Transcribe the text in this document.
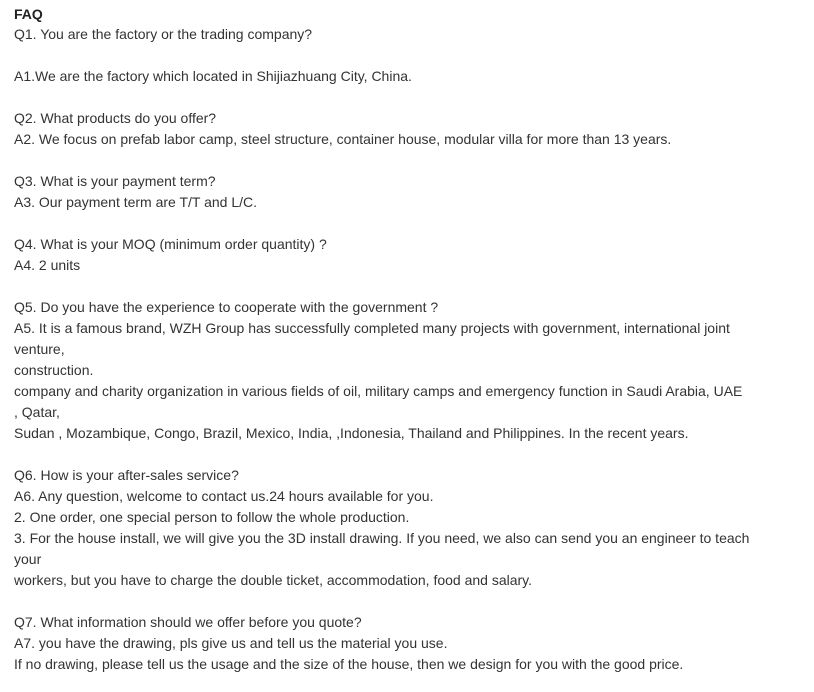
FAQ
Q1. You are the factory or the trading company?
A1.We are the factory which located in Shijiazhuang City, China.
Q2. What products do you offer?
A2. We focus on prefab labor camp, steel structure, container house, modular villa for more than 13 years.
Q3. What is your payment term?
A3. Our payment term are T/T and L/C.
Q4. What is your MOQ (minimum order quantity) ?
A4. 2 units
Q5. Do you have the experience to cooperate with the government ?
A5. It is a famous brand, WZH Group has successfully completed many projects with government, international joint
venture,
construction.
company and charity organization in various fields of oil, military camps and emergency function in Saudi Arabia, UAE
, Qatar,
Sudan , Mozambique, Congo, Brazil, Mexico, India, ,Indonesia, Thailand and Philippines. In the recent years.
Q6. How is your after-sales service?
A6. Any question, welcome to contact us.24 hours available for you.
2. One order, one special person to follow the whole production.
3. For the house install, we will give you the 3D install drawing. If you need, we also can send you an engineer to teach
your
workers, but you have to charge the double ticket, accommodation, food and salary.
Q7. What information should we offer before you quote?
A7. you have the drawing, pls give us and tell us the material you use.
If no drawing, please tell us the usage and the size of the house, then we design for you with the good price.
